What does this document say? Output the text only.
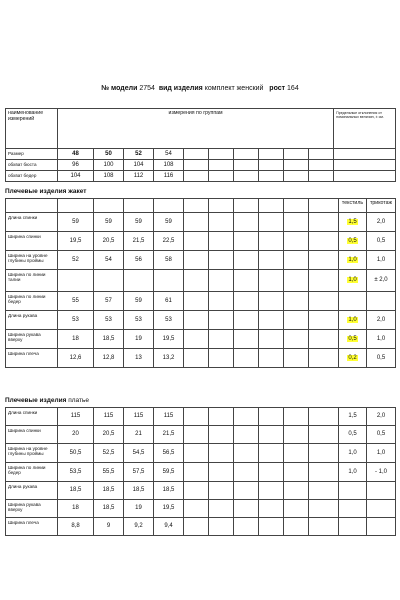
№ модели 2754 вид изделия комплект женский рост 164
наименование измерений	измерения по группам										Предельные отклонения от номинальных величин, ± см.
Размер	48	50	52	54							
обхват бюста	96	100	104	108							
обхват бедер	104	108	112	116							
Плечевые изделия жакет
											текстиль	трикотаж
Длина спинки	59	59	59	59							1,5	2,0
Ширина спинки	19,5	20,5	21,5	22,5							0,5	0,5
Ширина на уровне глубины проймы	52	54	56	58							1,0	1,0
Ширина по линии талии											1,0	± 2,0
Ширина по линии бедер	55	57	59	61								
Длина рукава	53	53	53	53							1,0	2,0
Ширина рукава вверху	18	18,5	19	19,5							0,5	1,0
Ширина плеча	12,6	12,8	13	13,2							0,2	0,5
Плечевые изделия платье
Длина спинки	115	115	115	115							1,5	2,0
Ширина спинки	20	20,5	21	21,5							0,5	0,5
Ширина на уровне глубины проймы	50,5	52,5	54,5	56,5							1,0	1,0
Ширина по линии бедер	53,5	55,5	57,5	59,5							1,0	- 1,0
Длина рукава	18,5	18,5	18,5	18,5								
Ширина рукава вверху	18	18,5	19	19,5								
Ширина плеча	8,8	9	9,2	9,4								
